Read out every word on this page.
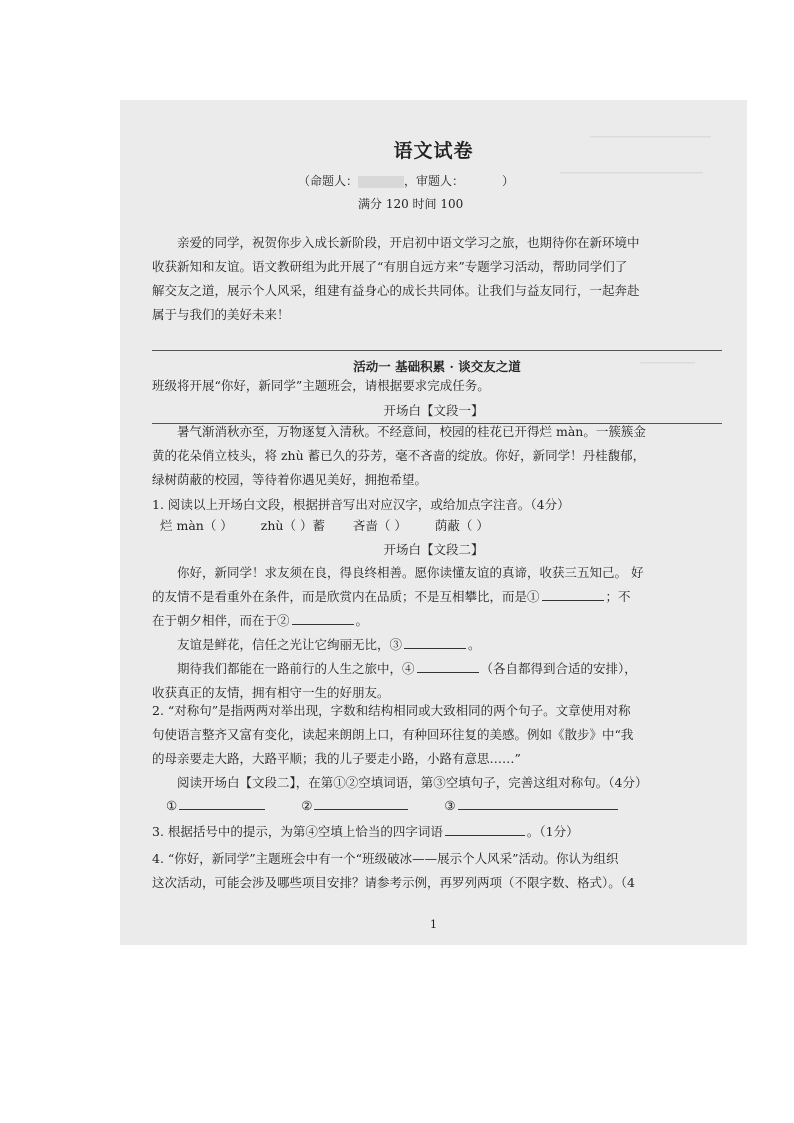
﹏﹏﹏﹏﹏﹏﹏﹏﹏﹏﹏
﹏﹏﹏﹏﹏﹏﹏﹏﹏﹏﹏﹏﹏
﹏﹏﹏﹏﹏
语文试卷
（命题人：	，审题人：	）
满分 120 时间 100
亲爱的同学，祝贺你步入成长新阶段，开启初中语文学习之旅，也期待你在新环境中
收获新知和友谊。语文教研组为此开展了“有朋自远方来”专题学习活动，帮助同学们了
解交友之道，展示个人风采，组建有益身心的成长共同体。让我们与益友同行，一起奔赴
属于与我们的美好未来！
活动一 基础积累 · 谈交友之道
班级将开展“你好，新同学”主题班会，请根据要求完成任务。
开场白【文段一】
暑气渐消秋亦至，万物逐复入清秋。不经意间，校园的桂花已开得烂 màn。一簇簇金
黄的花朵俏立枝头，将 zhù 蓄已久的芬芳，毫不吝啬的绽放。你好，新同学！丹桂馥郁，
绿树荫蔽的校园，等待着你遇见美好，拥抱希望。
1. 阅读以上开场白文段，根据拼音写出对应汉字，或给加点字注音。（4分）
烂 màn（ ） zhù（ ）蓄 吝啬（ ） 荫蔽（ ）
开场白【文段二】
你好，新同学！求友须在良，得良终相善。愿你读懂友谊的真谛，收获三五知己。 好
的友情不是看重外在条件，而是欣赏内在品质；不是互相攀比，而是①	；不
在于朝夕相伴，而在于②	。
友谊是鲜花，信任之光让它绚丽无比，③	。
期待我们都能在一路前行的人生之旅中，④	（各自都得到合适的安排），
收获真正的友情，拥有相守一生的好朋友。
2. “对称句”是指两两对举出现，字数和结构相同或大致相同的两个句子。文章使用对称
句使语言整齐又富有变化，读起来朗朗上口，有种回环往复的美感。例如《散步》中“我
的母亲要走大路，大路平顺；我的儿子要走小路，小路有意思……”
阅读开场白【文段二】，在第①②空填词语，第③空填句子，完善这组对称句。（4分）
①	②	③
3. 根据括号中的提示，为第④空填上恰当的四字词语	。（1分）
4. “你好，新同学”主题班会中有一个“班级破冰——展示个人风采”活动。你认为组织
这次活动，可能会涉及哪些项目安排？请参考示例，再罗列两项（不限字数、格式）。（4
1
